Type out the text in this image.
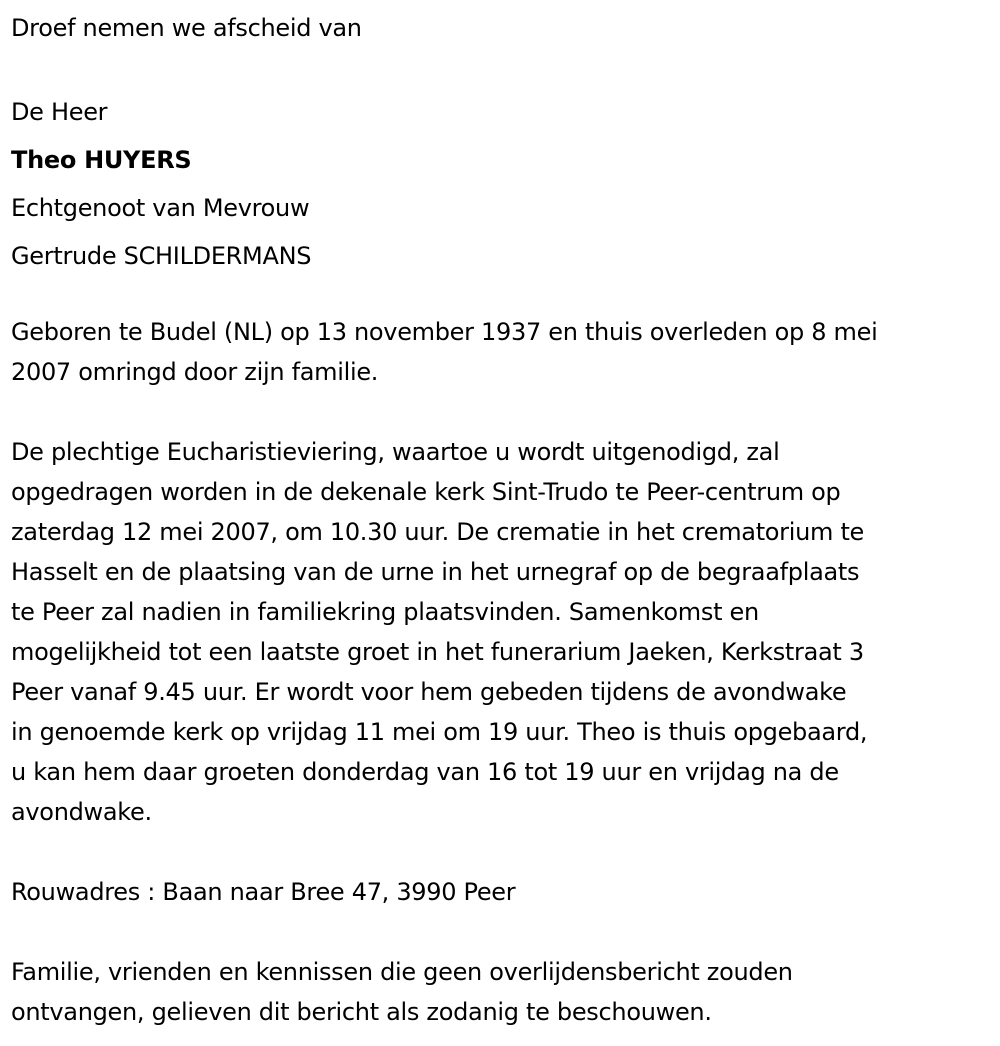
Droef nemen we afscheid van
De Heer
Theo HUYERS
Echtgenoot van Mevrouw
Gertrude SCHILDERMANS
Geboren te Budel (NL) op 13 november 1937 en thuis overleden op 8 mei
2007 omringd door zijn familie.
De plechtige Eucharistieviering, waartoe u wordt uitgenodigd, zal
opgedragen worden in de dekenale kerk Sint-Trudo te Peer-centrum op
zaterdag 12 mei 2007, om 10.30 uur. De crematie in het crematorium te
Hasselt en de plaatsing van de urne in het urnegraf op de begraafplaats
te Peer zal nadien in familiekring plaatsvinden. Samenkomst en
mogelijkheid tot een laatste groet in het funerarium Jaeken, Kerkstraat 3
Peer vanaf 9.45 uur. Er wordt voor hem gebeden tijdens de avondwake
in genoemde kerk op vrijdag 11 mei om 19 uur. Theo is thuis opgebaard,
u kan hem daar groeten donderdag van 16 tot 19 uur en vrijdag na de
avondwake.
Rouwadres : Baan naar Bree 47, 3990 Peer
Familie, vrienden en kennissen die geen overlijdensbericht zouden
ontvangen, gelieven dit bericht als zodanig te beschouwen.
